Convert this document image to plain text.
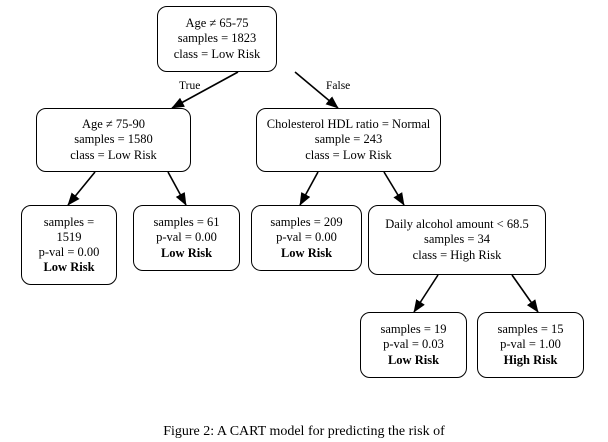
Age ≠ 65-75
samples = 1823
class = Low Risk
True	False
Age ≠ 75-90
samples = 1580
class = Low Risk
Cholesterol HDL ratio = Normal
sample = 243
class = Low Risk
samples =
1519
p-val = 0.00
Low Risk
samples = 61
p-val = 0.00
Low Risk
samples = 209
p-val = 0.00
Low Risk
Daily alcohol amount < 68.5
samples = 34
class = High Risk
samples = 19
p-val = 0.03
Low Risk
samples = 15
p-val = 1.00
High Risk
Figure 2: A CART model for predicting the risk of
